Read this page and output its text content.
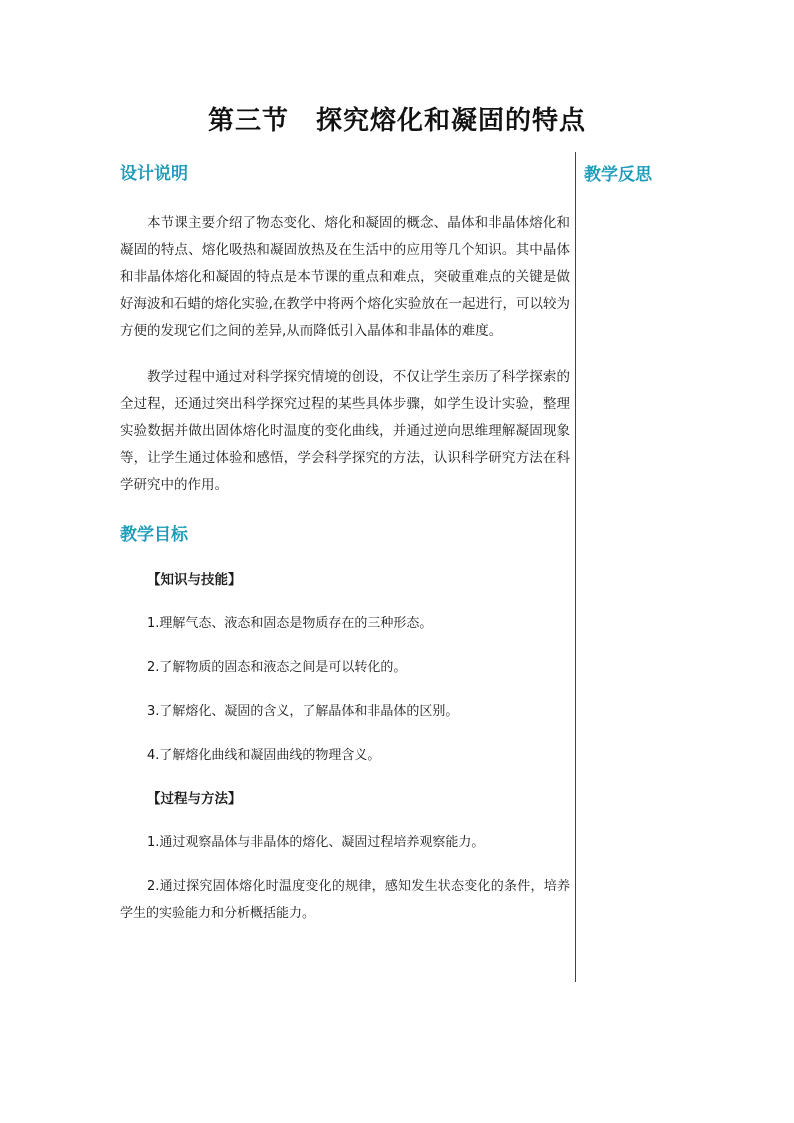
第三节　探究熔化和凝固的特点
教学反思
设计说明

本节课主要介绍了物态变化、熔化和凝固的概念、晶体和非晶体熔化和凝固的特点、熔化吸热和凝固放热及在生活中的应用等几个知识。其中晶体和非晶体熔化和凝固的特点是本节课的重点和难点，突破重难点的关键是做好海波和石蜡的熔化实验,在教学中将两个熔化实验放在一起进行，可以较为方便的发现它们之间的差异,从而降低引入晶体和非晶体的难度。

教学过程中通过对科学探究情境的创设，不仅让学生亲历了科学探索的全过程，还通过突出科学探究过程的某些具体步骤，如学生设计实验，整理实验数据并做出固体熔化时温度的变化曲线，并通过逆向思维理解凝固现象等，让学生通过体验和感悟，学会科学探究的方法，认识科学研究方法在科学研究中的作用。

教学目标
【知识与技能】

1.理解气态、液态和固态是物质存在的三种形态。

2.了解物质的固态和液态之间是可以转化的。

3.了解熔化、凝固的含义，了解晶体和非晶体的区别。

4.了解熔化曲线和凝固曲线的物理含义。

【过程与方法】

1.通过观察晶体与非晶体的熔化、凝固过程培养观察能力。

2.通过探究固体熔化时温度变化的规律，感知发生状态变化的条件，培养学生的实验能力和分析概括能力。
